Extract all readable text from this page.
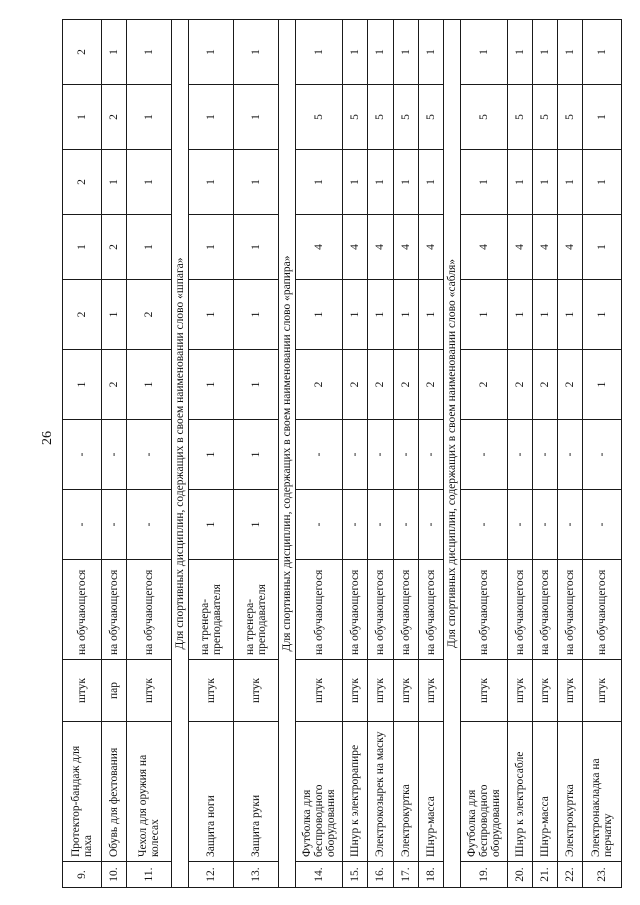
26
9.	Протектор-бандаж для паха	штук	на обучающегося	-	-	1	2	1	2	1	2
10.	Обувь для фехтования	пар	на обучающегося	-	-	2	1	2	1	2	1
11.	Чехол для оружия на колесах	штук	на обучающегося	-	-	1	2	1	1	1	1
Для спортивных дисциплин, содержащих в своем наименовании слово «шпага»											
12.	Защита ноги	штук	на тренера-преподавателя	1	1	1	1	1	1	1	1
13.	Защита руки	штук	на тренера-преподавателя	1	1	1	1	1	1	1	1
Для спортивных дисциплин, содержащих в своем наименовании слово «рапира»											
14.	Футболка для беспроводного оборудования	штук	на обучающегося	-	-	2	1	4	1	5	1
15.	Шнур к электрорапире	штук	на обучающегося	-	-	2	1	4	1	5	1
16.	Электрокозырек на маску	штук	на обучающегося	-	-	2	1	4	1	5	1
17.	Электрокуртка	штук	на обучающегося	-	-	2	1	4	1	5	1
18.	Шнур-масса	штук	на обучающегося	-	-	2	1	4	1	5	1
Для спортивных дисциплин, содержащих в своем наименовании слово «сабля»											
19.	Футболка для беспроводного оборудования	штук	на обучающегося	-	-	2	1	4	1	5	1
20.	Шнур к электросабле	штук	на обучающегося	-	-	2	1	4	1	5	1
21.	Шнур-масса	штук	на обучающегося	-	-	2	1	4	1	5	1
22.	Электрокуртка	штук	на обучающегося	-	-	2	1	4	1	5	1
23.	Электронакладка на перчатку	штук	на обучающегося	-	-	1	1	1	1	1	1
